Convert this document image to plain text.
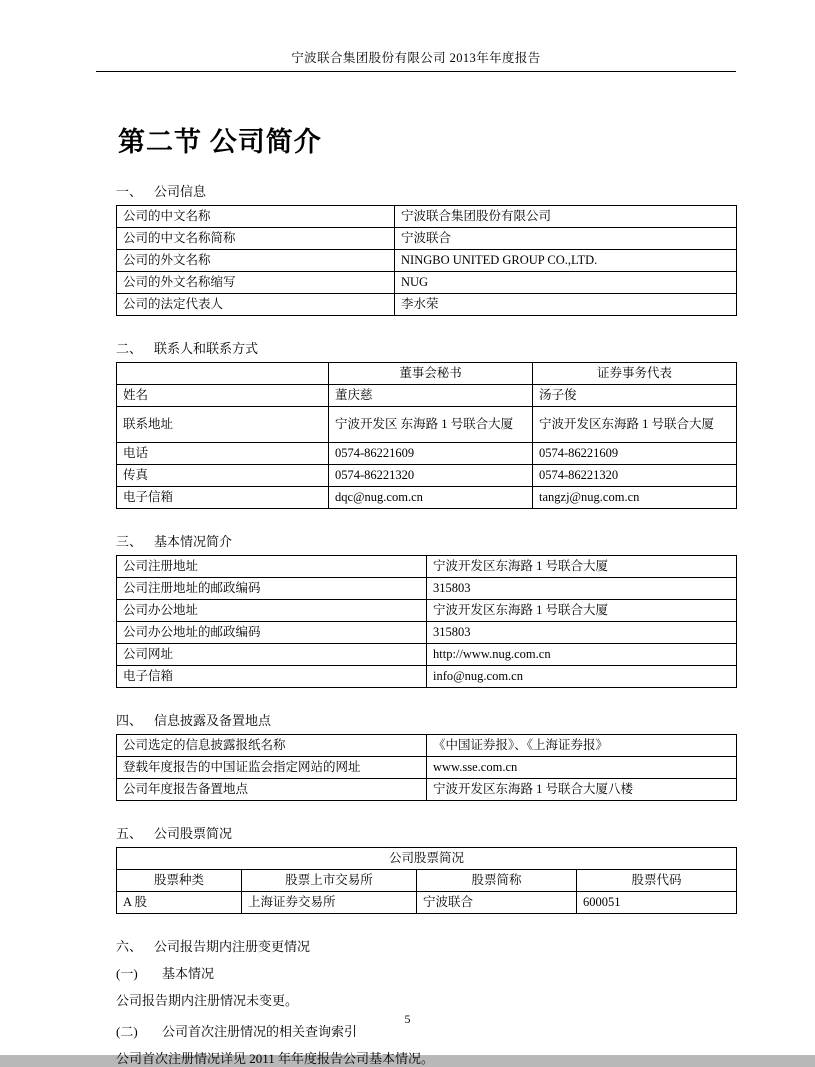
宁波联合集团股份有限公司 2013年年度报告
第二节 公司简介
一、 公司信息
公司的中文名称	宁波联合集团股份有限公司
公司的中文名称简称	宁波联合
公司的外文名称	NINGBO UNITED GROUP CO.,LTD.
公司的外文名称缩写	NUG
公司的法定代表人	李水荣
二、 联系人和联系方式
	董事会秘书	证券事务代表
姓名	董庆慈	汤子俊
联系地址	宁波开发区 东海路 1 号联合大厦	宁波开发区东海路 1 号联合大厦
电话	0574-86221609	0574-86221609
传真	0574-86221320	0574-86221320
电子信箱	dqc@nug.com.cn	tangzj@nug.com.cn
三、 基本情况简介
公司注册地址	宁波开发区东海路 1 号联合大厦
公司注册地址的邮政编码	315803
公司办公地址	宁波开发区东海路 1 号联合大厦
公司办公地址的邮政编码	315803
公司网址	http://www.nug.com.cn
电子信箱	info@nug.com.cn
四、 信息披露及备置地点
公司选定的信息披露报纸名称	《中国证券报》、《上海证券报》
登载年度报告的中国证监会指定网站的网址	www.sse.com.cn
公司年度报告备置地点	宁波开发区东海路 1 号联合大厦八楼
五、 公司股票简况
公司股票简况			
股票种类	股票上市交易所	股票简称	股票代码
A 股	上海证券交易所	宁波联合	600051
六、 公司报告期内注册变更情况
(一) 基本情况
公司报告期内注册情况未变更。
(二) 公司首次注册情况的相关查询索引
公司首次注册情况详见 2011 年年度报告公司基本情况。
5
